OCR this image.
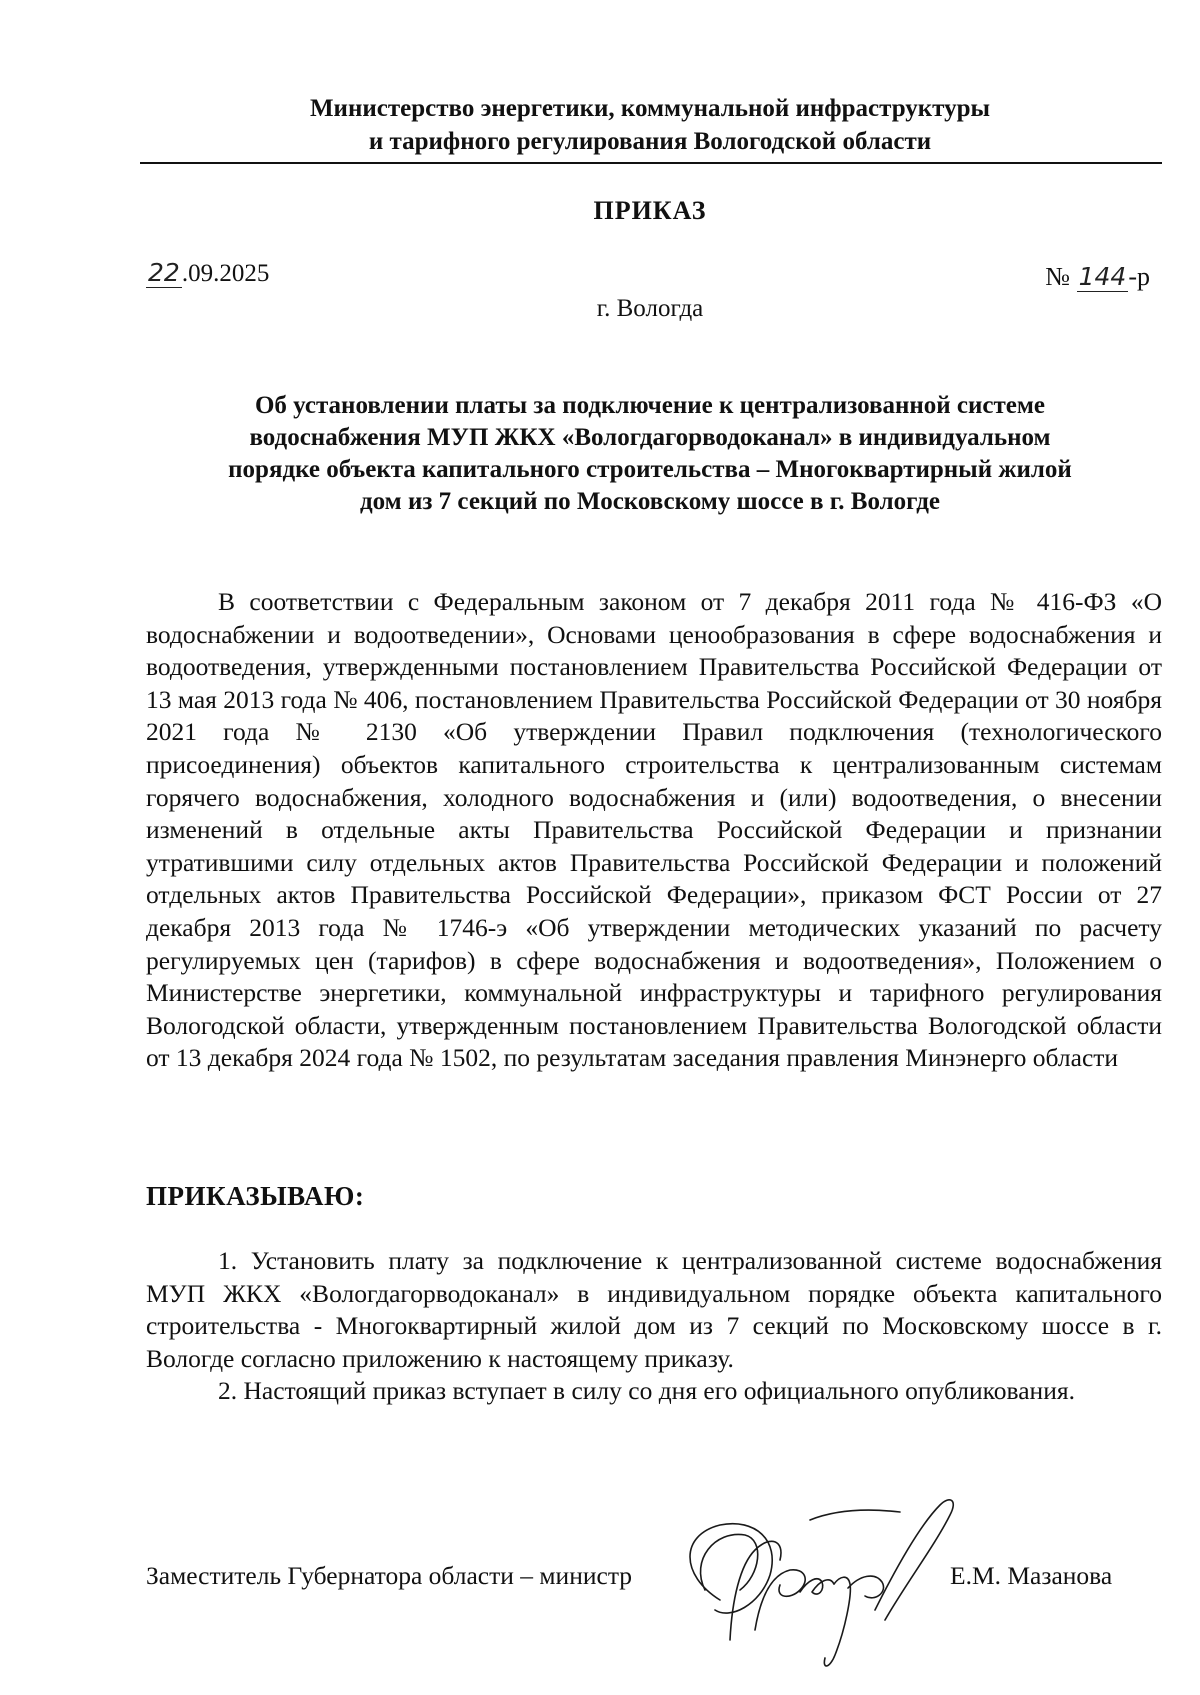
Министерство энергетики, коммунальной инфраструктуры
и тарифного регулирования Вологодской области
ПРИКАЗ
22.09.2025	№ 144-р
г. Вологда
Об установлении платы за подключение к централизованной системе
водоснабжения МУП ЖКХ «Вологдагорводоканал» в индивидуальном
порядке объекта капитального строительства – Многоквартирный жилой
дом из 7 секций по Московскому шоссе в г. Вологде

В соответствии с Федеральным законом от 7 декабря 2011 года № 416-ФЗ «О водоснабжении и водоотведении», Основами ценообразования в сфере водоснабжения и водоотведения, утвержденными постановлением Правительства Российской Федерации от 13 мая 2013 года № 406, постановлением Правительства Российской Федерации от 30 ноября 2021 года № 2130 «Об утверждении Правил подключения (технологического присоединения) объектов капитального строительства к централизованным системам горячего водоснабжения, холодного водоснабжения и (или) водоотведения, о внесении изменений в отдельные акты Правительства Российской Федерации и признании утратившими силу отдельных актов Правительства Российской Федерации и положений отдельных актов Правительства Российской Федерации», приказом ФСТ России от 27 декабря 2013 года № 1746-э «Об утверждении методических указаний по расчету регулируемых цен (тарифов) в сфере водоснабжения и водоотведения», Положением о Министерстве энергетики, коммунальной инфраструктуры и тарифного регулирования Вологодской области, утвержденным постановлением Правительства Вологодской области от 13 декабря 2024 года № 1502, по результатам заседания правления Минэнерго области

ПРИКАЗЫВАЮ:

1. Установить плату за подключение к централизованной системе водоснабжения МУП ЖКХ «Вологдагорводоканал» в индивидуальном порядке объекта капитального строительства - Многоквартирный жилой дом из 7 секций по Московскому шоссе в г. Вологде согласно приложению к настоящему приказу.

2. Настоящий приказ вступает в силу со дня его официального опубликования.

Заместитель Губернатора области – министр	Е.М. Мазанова
